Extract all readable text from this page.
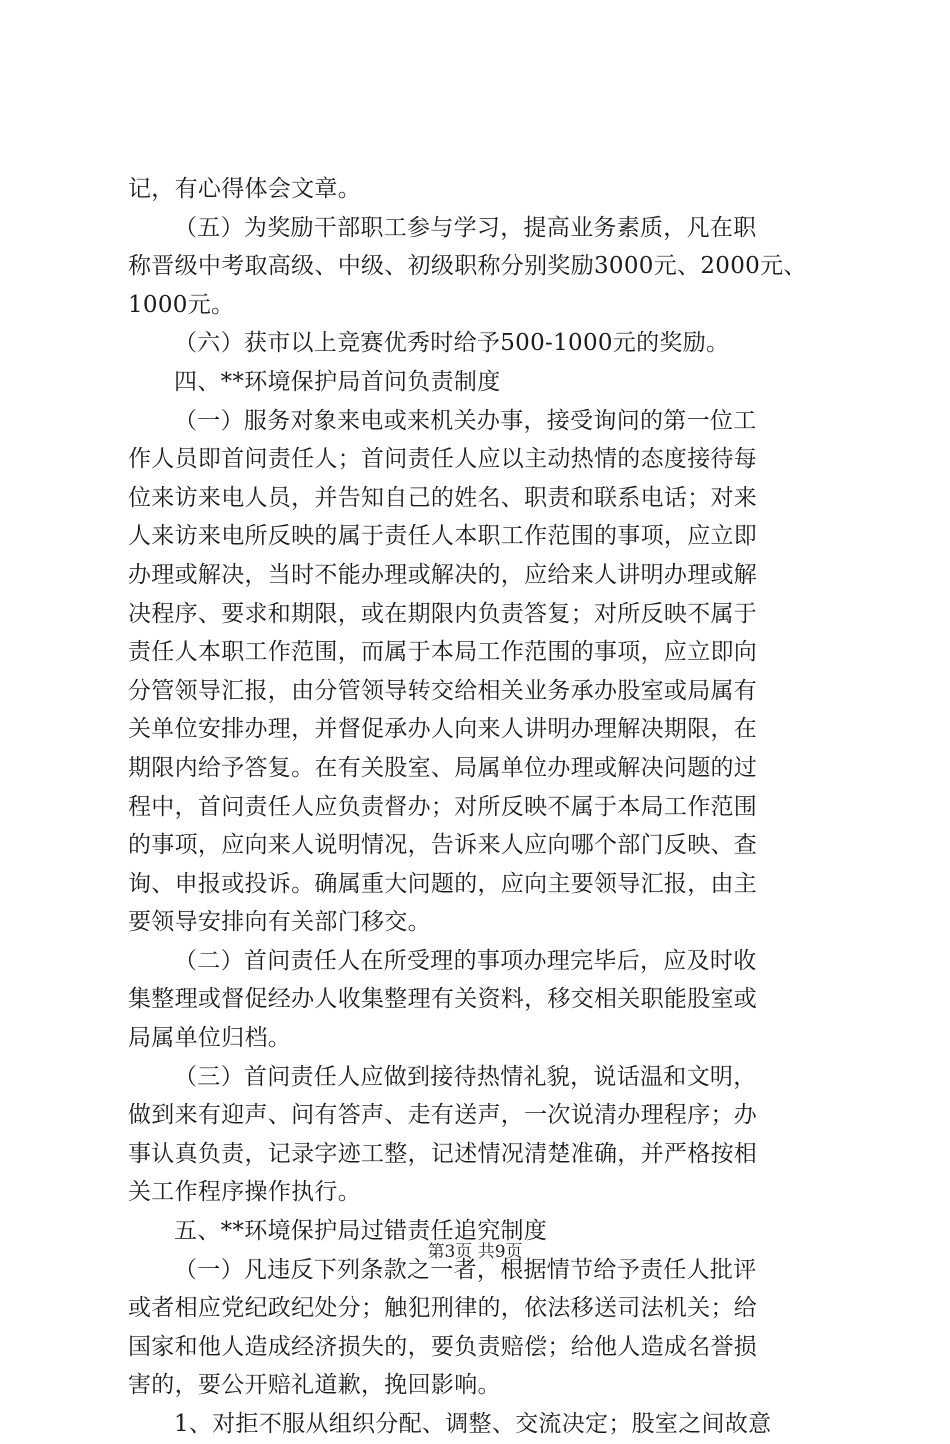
记，有心得体会文章。
（五）为奖励干部职工参与学习，提高业务素质，凡在职
称晋级中考取高级、中级、初级职称分别奖励3000元、2000元、
1000元。
（六）获市以上竞赛优秀时给予500-1000元的奖励。
四、**环境保护局首问负责制度
（一）服务对象来电或来机关办事，接受询问的第一位工
作人员即首问责任人；首问责任人应以主动热情的态度接待每
位来访来电人员，并告知自己的姓名、职责和联系电话；对来
人来访来电所反映的属于责任人本职工作范围的事项，应立即
办理或解决，当时不能办理或解决的，应给来人讲明办理或解
决程序、要求和期限，或在期限内负责答复；对所反映不属于
责任人本职工作范围，而属于本局工作范围的事项，应立即向
分管领导汇报，由分管领导转交给相关业务承办股室或局属有
关单位安排办理，并督促承办人向来人讲明办理解决期限，在
期限内给予答复。在有关股室、局属单位办理或解决问题的过
程中，首问责任人应负责督办；对所反映不属于本局工作范围
的事项，应向来人说明情况，告诉来人应向哪个部门反映、查
询、申报或投诉。确属重大问题的，应向主要领导汇报，由主
要领导安排向有关部门移交。
（二）首问责任人在所受理的事项办理完毕后，应及时收
集整理或督促经办人收集整理有关资料，移交相关职能股室或
局属单位归档。
（三）首问责任人应做到接待热情礼貌，说话温和文明，
做到来有迎声、问有答声、走有送声，一次说清办理程序；办
事认真负责，记录字迹工整，记述情况清楚准确，并严格按相
关工作程序操作执行。
五、**环境保护局过错责任追究制度
（一）凡违反下列条款之一者，根据情节给予责任人批评
或者相应党纪政纪处分；触犯刑律的，依法移送司法机关；给
国家和他人造成经济损失的，要负责赔偿；给他人造成名誉损
害的，要公开赔礼道歉，挽回影响。
1、对拒不服从组织分配、调整、交流决定；股室之间故意
第3页 共9页
